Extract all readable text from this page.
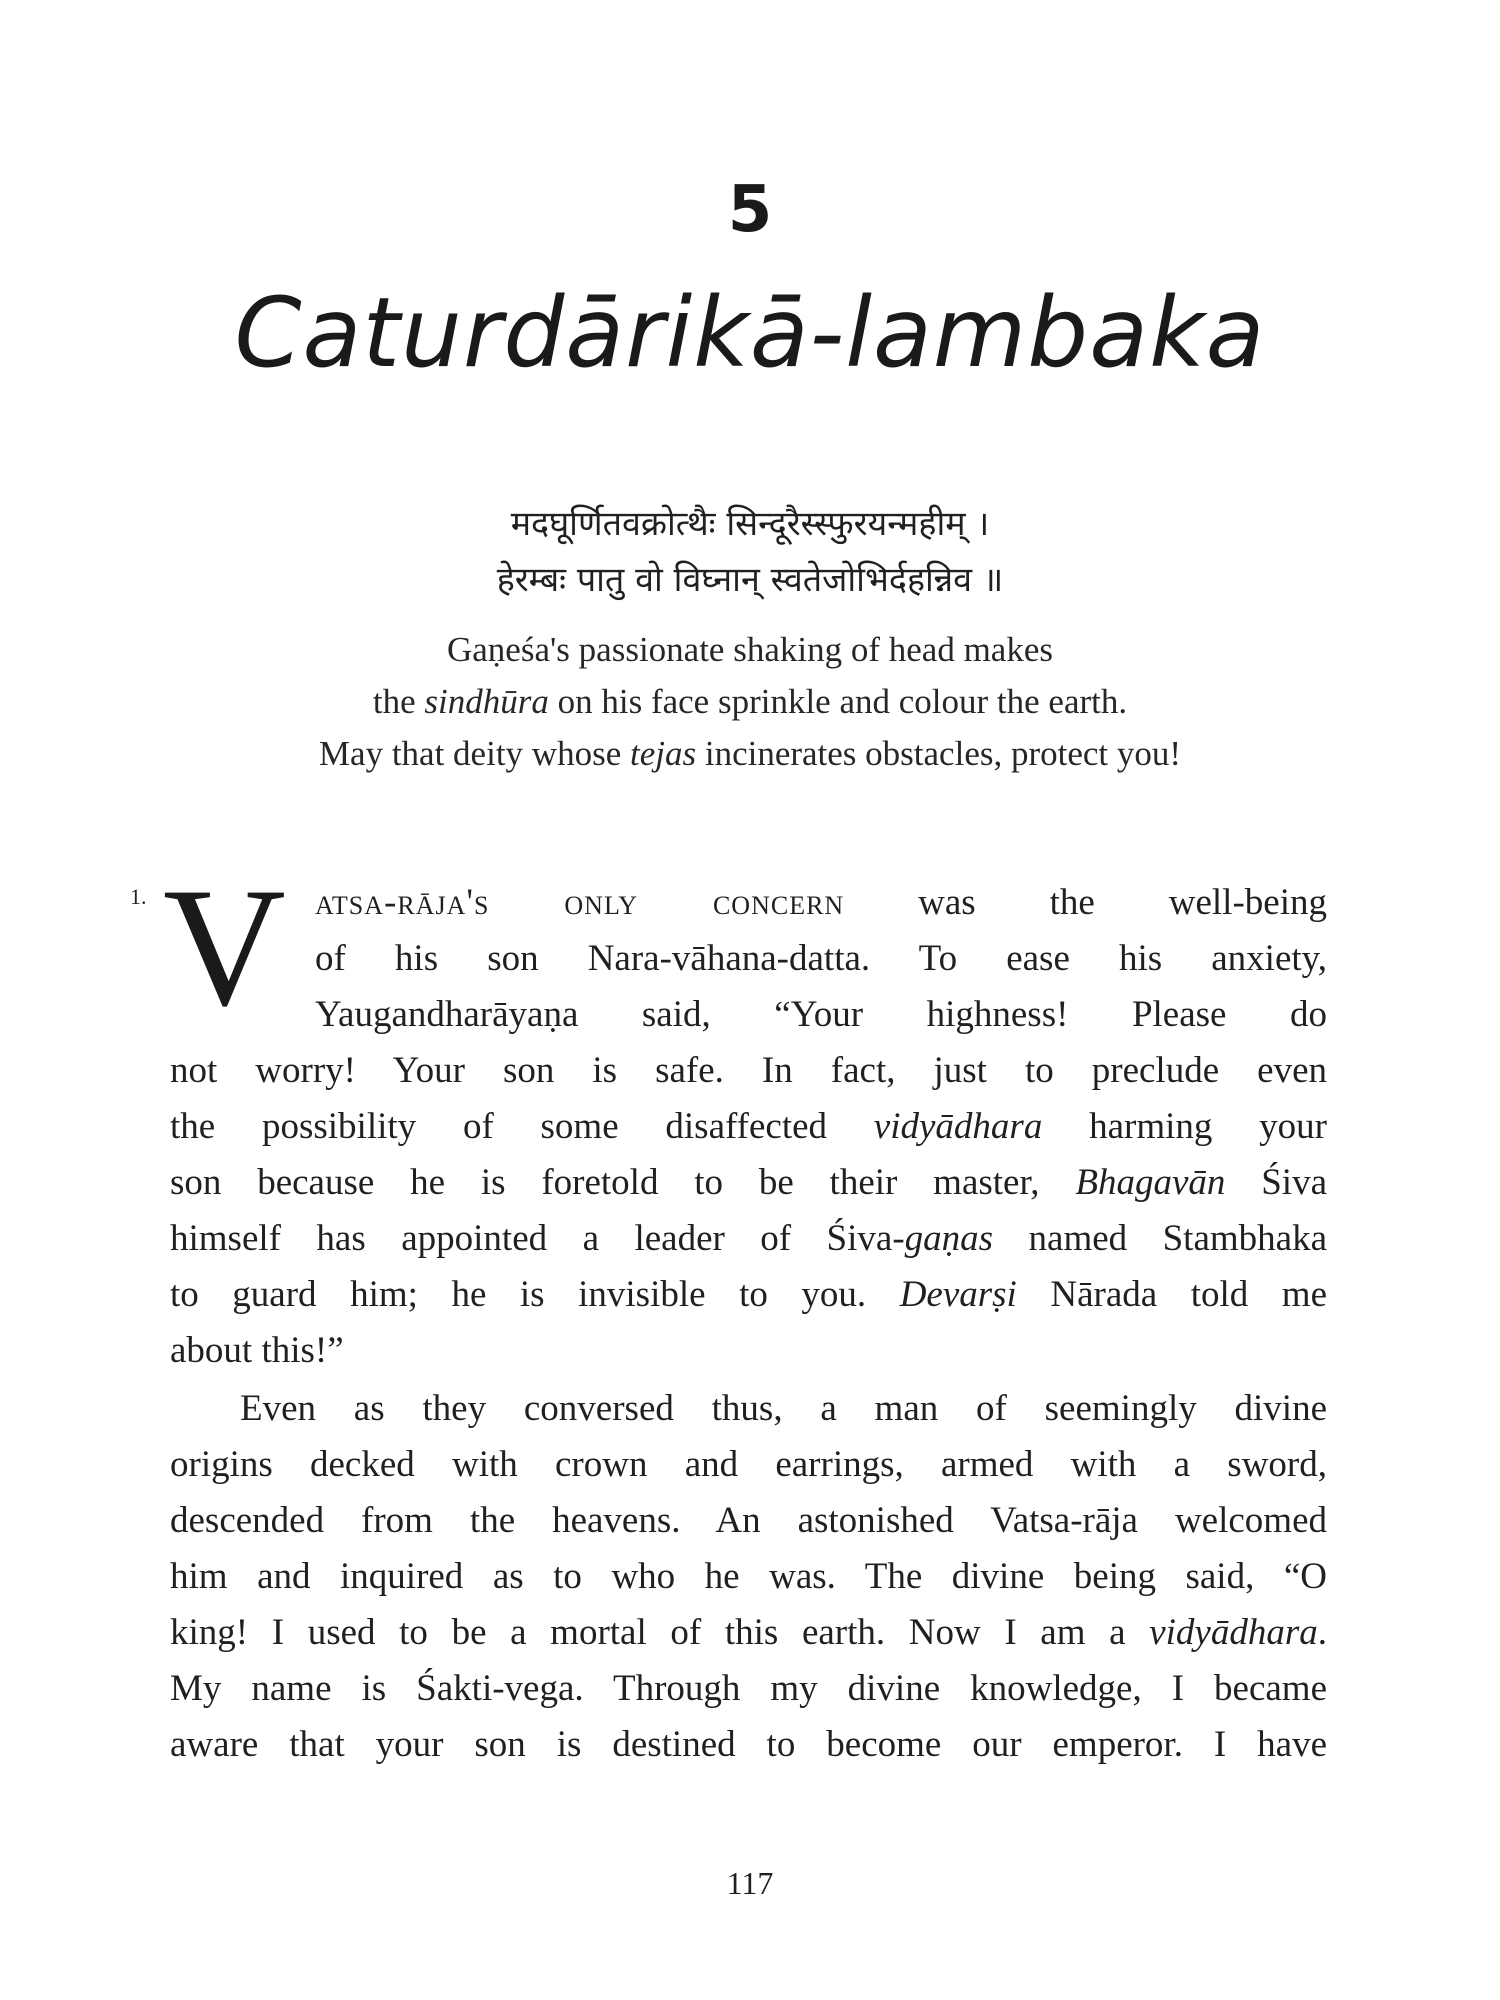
5
Caturdārikā-lambaka
मदघूर्णितवक्रोत्थैः सिन्दूरैस्स्फुरयन्महीम् ।
हेरम्बः पातु वो विघ्नान् स्वतेजोभिर्दहन्निव ॥
Gaṇeśa's passionate shaking of head makes
the sindhūra on his face sprinkle and colour the earth.
May that deity whose tejas incinerates obstacles, protect you!
1. V atsa-rāja's only concern was the well-being
of his son Nara-vāhana-datta. To ease his anxiety,
Yaugandharāyaṇa said, “Your highness! Please do
not worry! Your son is safe. In fact, just to preclude even
the possibility of some disaffected vidyādhara harming your
son because he is foretold to be their master, Bhagavān Śiva
himself has appointed a leader of Śiva-gaṇas named Stambhaka
to guard him; he is invisible to you. Devarṣi Nārada told me
about this!”
Even as they conversed thus, a man of seemingly divine
origins decked with crown and earrings, armed with a sword,
descended from the heavens. An astonished Vatsa-rāja welcomed
him and inquired as to who he was. The divine being said, “O
king! I used to be a mortal of this earth. Now I am a vidyādhara.
My name is Śakti-vega. Through my divine knowledge, I became
aware that your son is destined to become our emperor. I have
117
